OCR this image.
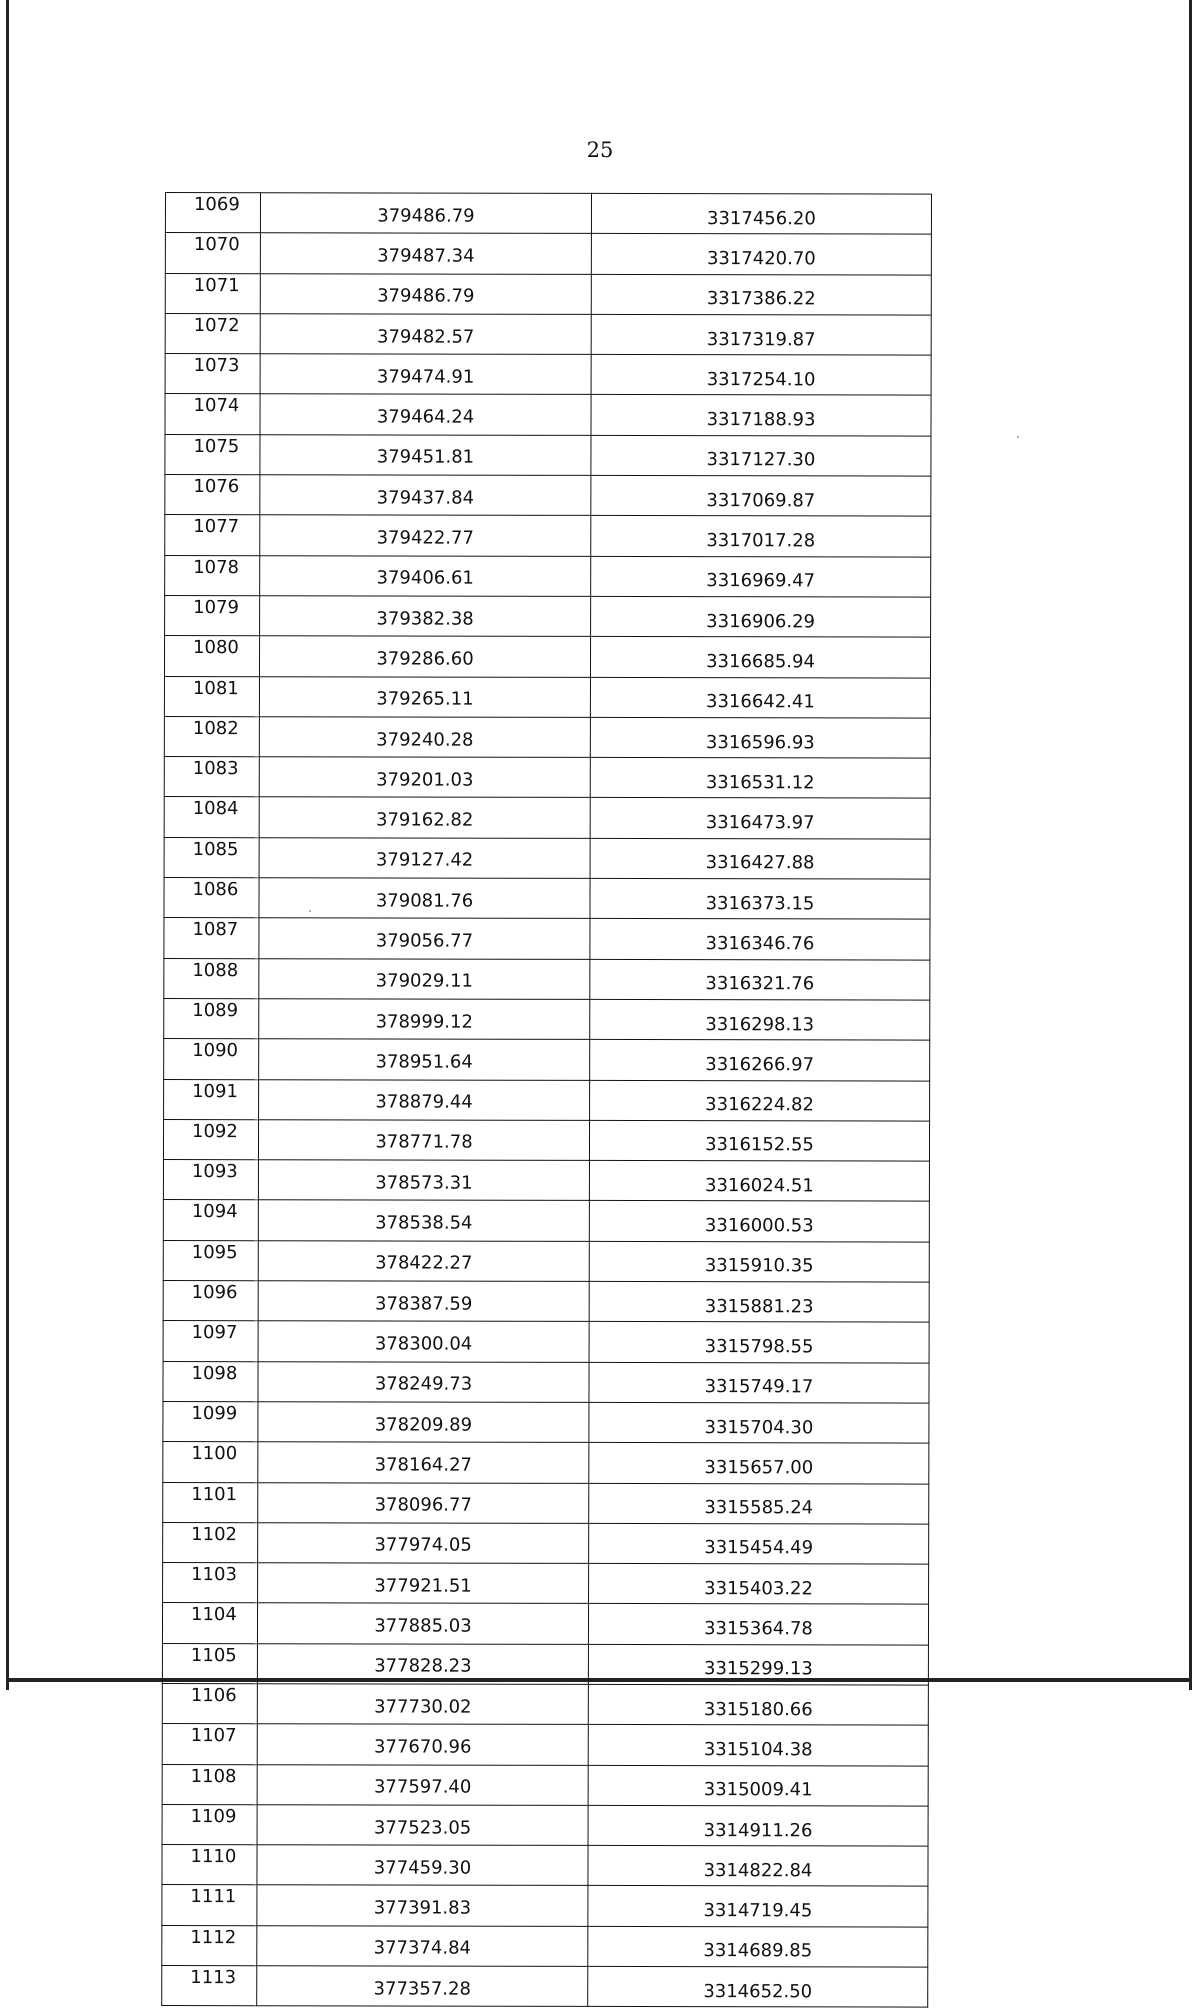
25
1069	379486.79	3317456.20
1070	379487.34	3317420.70
1071	379486.79	3317386.22
1072	379482.57	3317319.87
1073	379474.91	3317254.10
1074	379464.24	3317188.93
1075	379451.81	3317127.30
1076	379437.84	3317069.87
1077	379422.77	3317017.28
1078	379406.61	3316969.47
1079	379382.38	3316906.29
1080	379286.60	3316685.94
1081	379265.11	3316642.41
1082	379240.28	3316596.93
1083	379201.03	3316531.12
1084	379162.82	3316473.97
1085	379127.42	3316427.88
1086	379081.76	3316373.15
1087	379056.77	3316346.76
1088	379029.11	3316321.76
1089	378999.12	3316298.13
1090	378951.64	3316266.97
1091	378879.44	3316224.82
1092	378771.78	3316152.55
1093	378573.31	3316024.51
1094	378538.54	3316000.53
1095	378422.27	3315910.35
1096	378387.59	3315881.23
1097	378300.04	3315798.55
1098	378249.73	3315749.17
1099	378209.89	3315704.30
1100	378164.27	3315657.00
1101	378096.77	3315585.24
1102	377974.05	3315454.49
1103	377921.51	3315403.22
1104	377885.03	3315364.78
1105	377828.23	3315299.13
1106	377730.02	3315180.66
1107	377670.96	3315104.38
1108	377597.40	3315009.41
1109	377523.05	3314911.26
1110	377459.30	3314822.84
1111	377391.83	3314719.45
1112	377374.84	3314689.85
1113	377357.28	3314652.50
